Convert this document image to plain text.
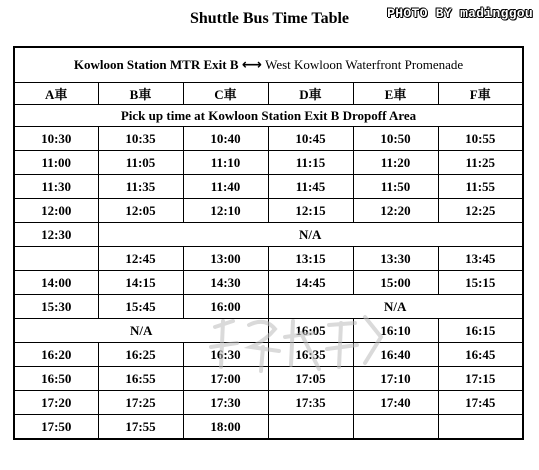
Shuttle Bus Time Table	PHOTO BY madinggou
Kowloon Station MTR Exit B ⟷ West Kowloon Waterfront Promenade					
A車	B車	C車	D車	E車	F車
Pick up time at Kowloon Station Exit B Dropoff Area					
10:30	10:35	10:40	10:45	10:50	10:55
11:00	11:05	11:10	11:15	11:20	11:25
11:30	11:35	11:40	11:45	11:50	11:55
12:00	12:05	12:10	12:15	12:20	12:25
12:30	N/A				
	12:45	13:00	13:15	13:30	13:45
14:00	14:15	14:30	14:45	15:00	15:15
15:30	15:45	16:00	N/A		
N/A			16:05	16:10	16:15
16:20	16:25	16:30	16:35	16:40	16:45
16:50	16:55	17:00	17:05	17:10	17:15
17:20	17:25	17:30	17:35	17:40	17:45
17:50	17:55	18:00			
